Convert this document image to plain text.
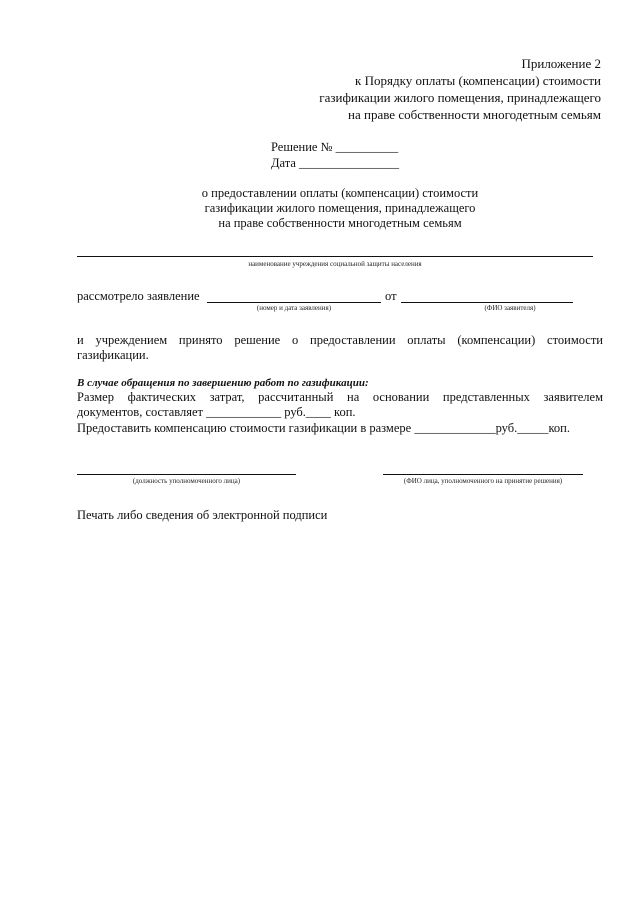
Приложение 2
к Порядку оплаты (компенсации) стоимости
газификации жилого помещения, принадлежащего
на праве собственности многодетным семьям
Решение № __________
Дата ________________
о предоставлении оплаты (компенсации) стоимости
газификации жилого помещения, принадлежащего
на праве собственности многодетным семьям
наименование учреждения социальной защиты населения
рассмотрело заявление	от
(номер и дата заявления)	(ФИО заявителя)
и учреждением принято решение о предоставлении оплаты (компенсации) стоимости
газификации.
В случае обращения по завершению работ по газификации:
Размер фактических затрат, рассчитанный на основании представленных заявителем
документов, составляет ____________ руб.____ коп.
Предоставить компенсацию стоимости газификации в размере _____________руб._____коп.
(должность уполномоченного лица)	(ФИО лица, уполномоченного на принятие решения)
Печать либо сведения об электронной подписи
